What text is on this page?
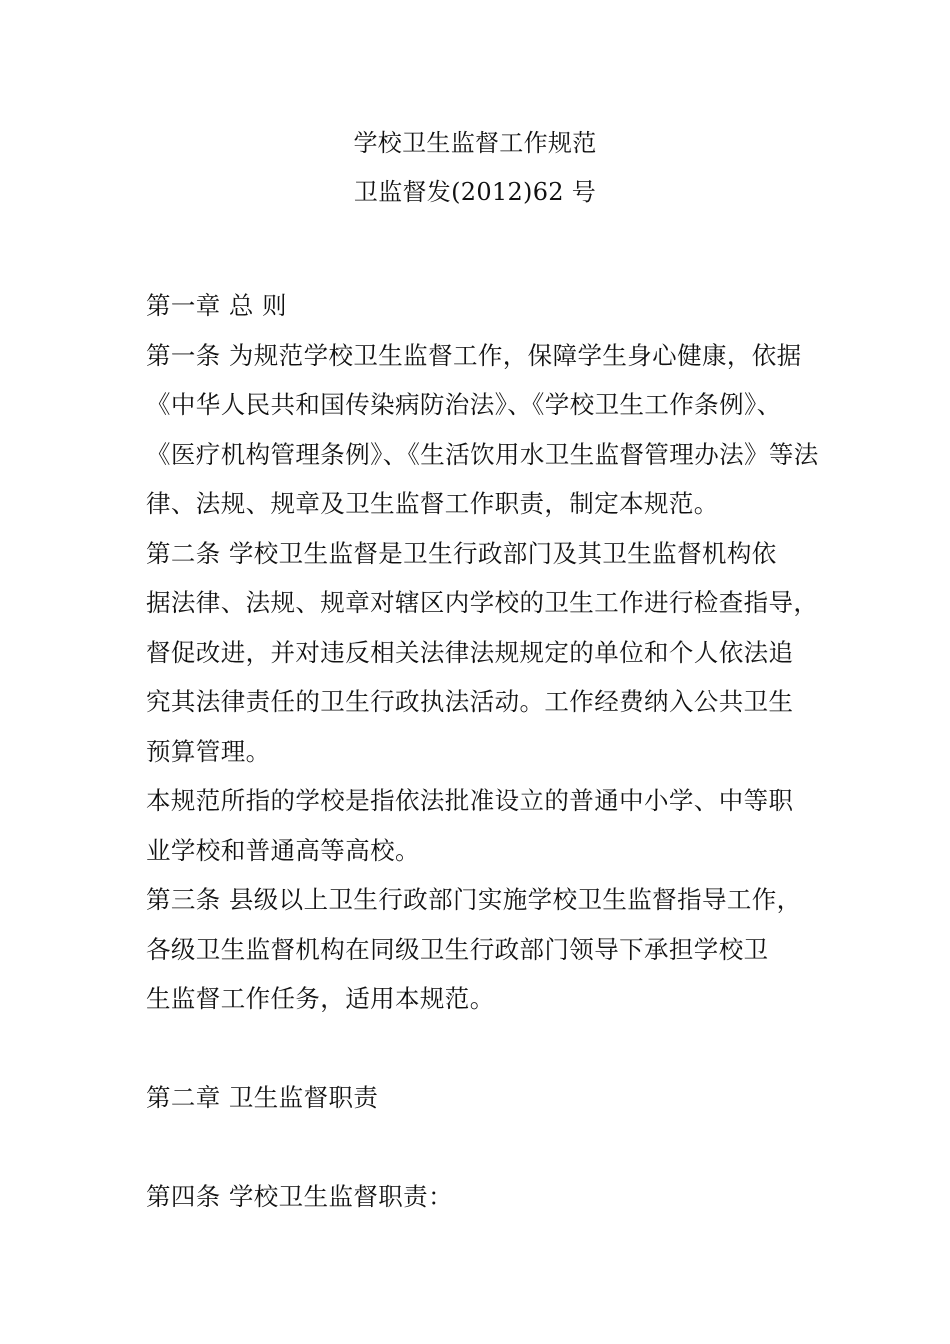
学校卫生监督工作规范
卫监督发(2012)62 号
第一章 总 则
第一条 为规范学校卫生监督工作，保障学生身心健康，依据
《中华人民共和国传染病防治法》、《学校卫生工作条例》、
《医疗机构管理条例》、《生活饮用水卫生监督管理办法》等法
律、法规、规章及卫生监督工作职责，制定本规范。
第二条 学校卫生监督是卫生行政部门及其卫生监督机构依
据法律、法规、规章对辖区内学校的卫生工作进行检查指导，
督促改进，并对违反相关法律法规规定的单位和个人依法追
究其法律责任的卫生行政执法活动。工作经费纳入公共卫生
预算管理。
本规范所指的学校是指依法批准设立的普通中小学、中等职
业学校和普通高等高校。
第三条 县级以上卫生行政部门实施学校卫生监督指导工作，
各级卫生监督机构在同级卫生行政部门领导下承担学校卫
生监督工作任务，适用本规范。
第二章 卫生监督职责
第四条 学校卫生监督职责：
